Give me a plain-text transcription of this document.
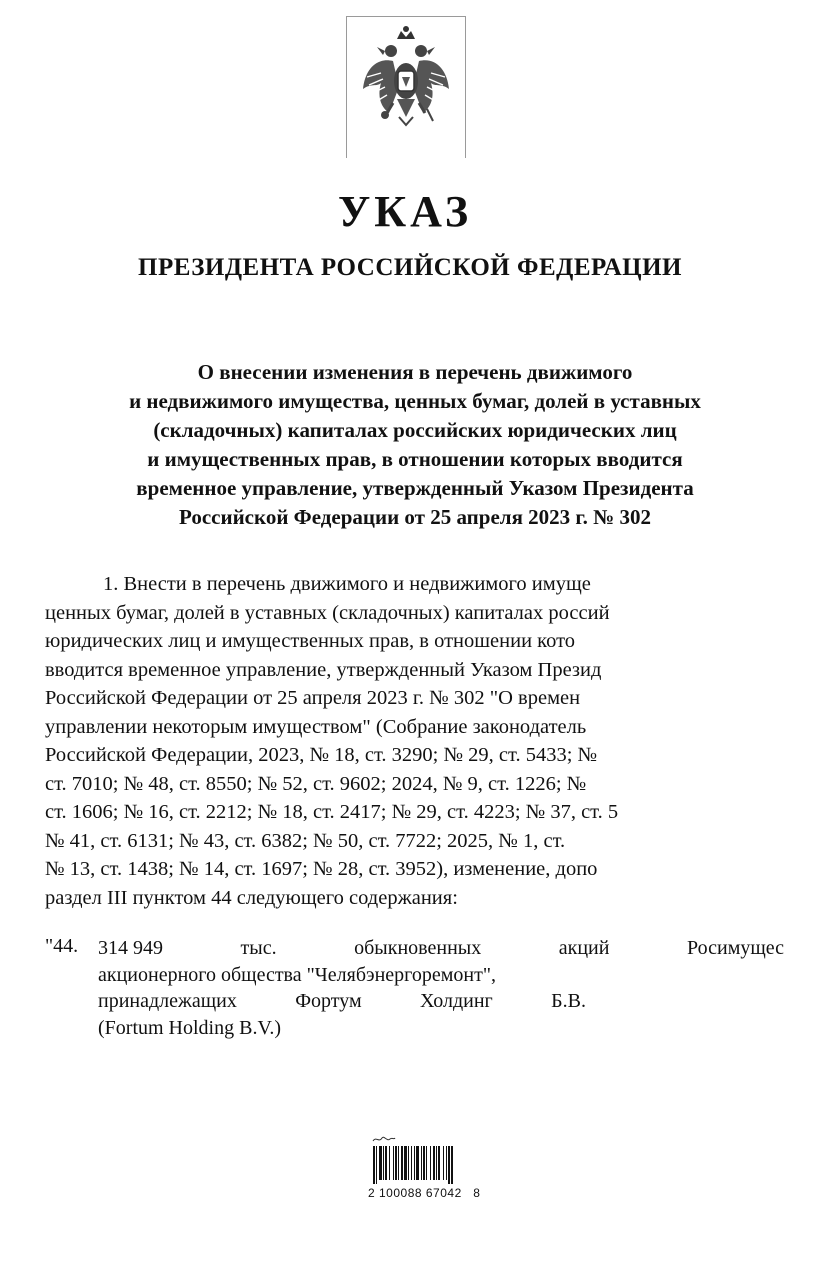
УКАЗ
ПРЕЗИДЕНТА РОССИЙСКОЙ ФЕДЕРАЦИИ
О внесении изменения в перечень движимого
и недвижимого имущества, ценных бумаг, долей в уставных
(складочных) капиталах российских юридических лиц
и имущественных прав, в отношении которых вводится
временное управление, утвержденный Указом Президента
Российской Федерации от 25 апреля 2023 г. № 302
1. Внести в перечень движимого и недвижимого имуще
ценных бумаг, долей в уставных (складочных) капиталах россий
юридических лиц и имущественных прав, в отношении кото
вводится временное управление, утвержденный Указом Презид
Российской Федерации от 25 апреля 2023 г. № 302 "О времен
управлении некоторым имуществом" (Собрание законодатель
Российской Федерации, 2023, № 18, ст. 3290; № 29, ст. 5433; №
ст. 7010; № 48, ст. 8550; № 52, ст. 9602; 2024, № 9, ст. 1226; №
ст. 1606; № 16, ст. 2212; № 18, ст. 2417; № 29, ст. 4223; № 37, ст. 5
№ 41, ст. 6131; № 43, ст. 6382; № 50, ст. 7722; 2025, № 1, ст.
№ 13, ст. 1438; № 14, ст. 1697; № 28, ст. 3952), изменение, допо
раздел III пунктом 44 следующего содержания:
"44. 314 949	тыс.	обыкновенных	акций	Росимущес
акционерного общества "Челябэнергоремонт",
принадлежащих	Фортум	Холдинг	Б.В.
(Fortum Holding B.V.)
2 100088 67042   8
